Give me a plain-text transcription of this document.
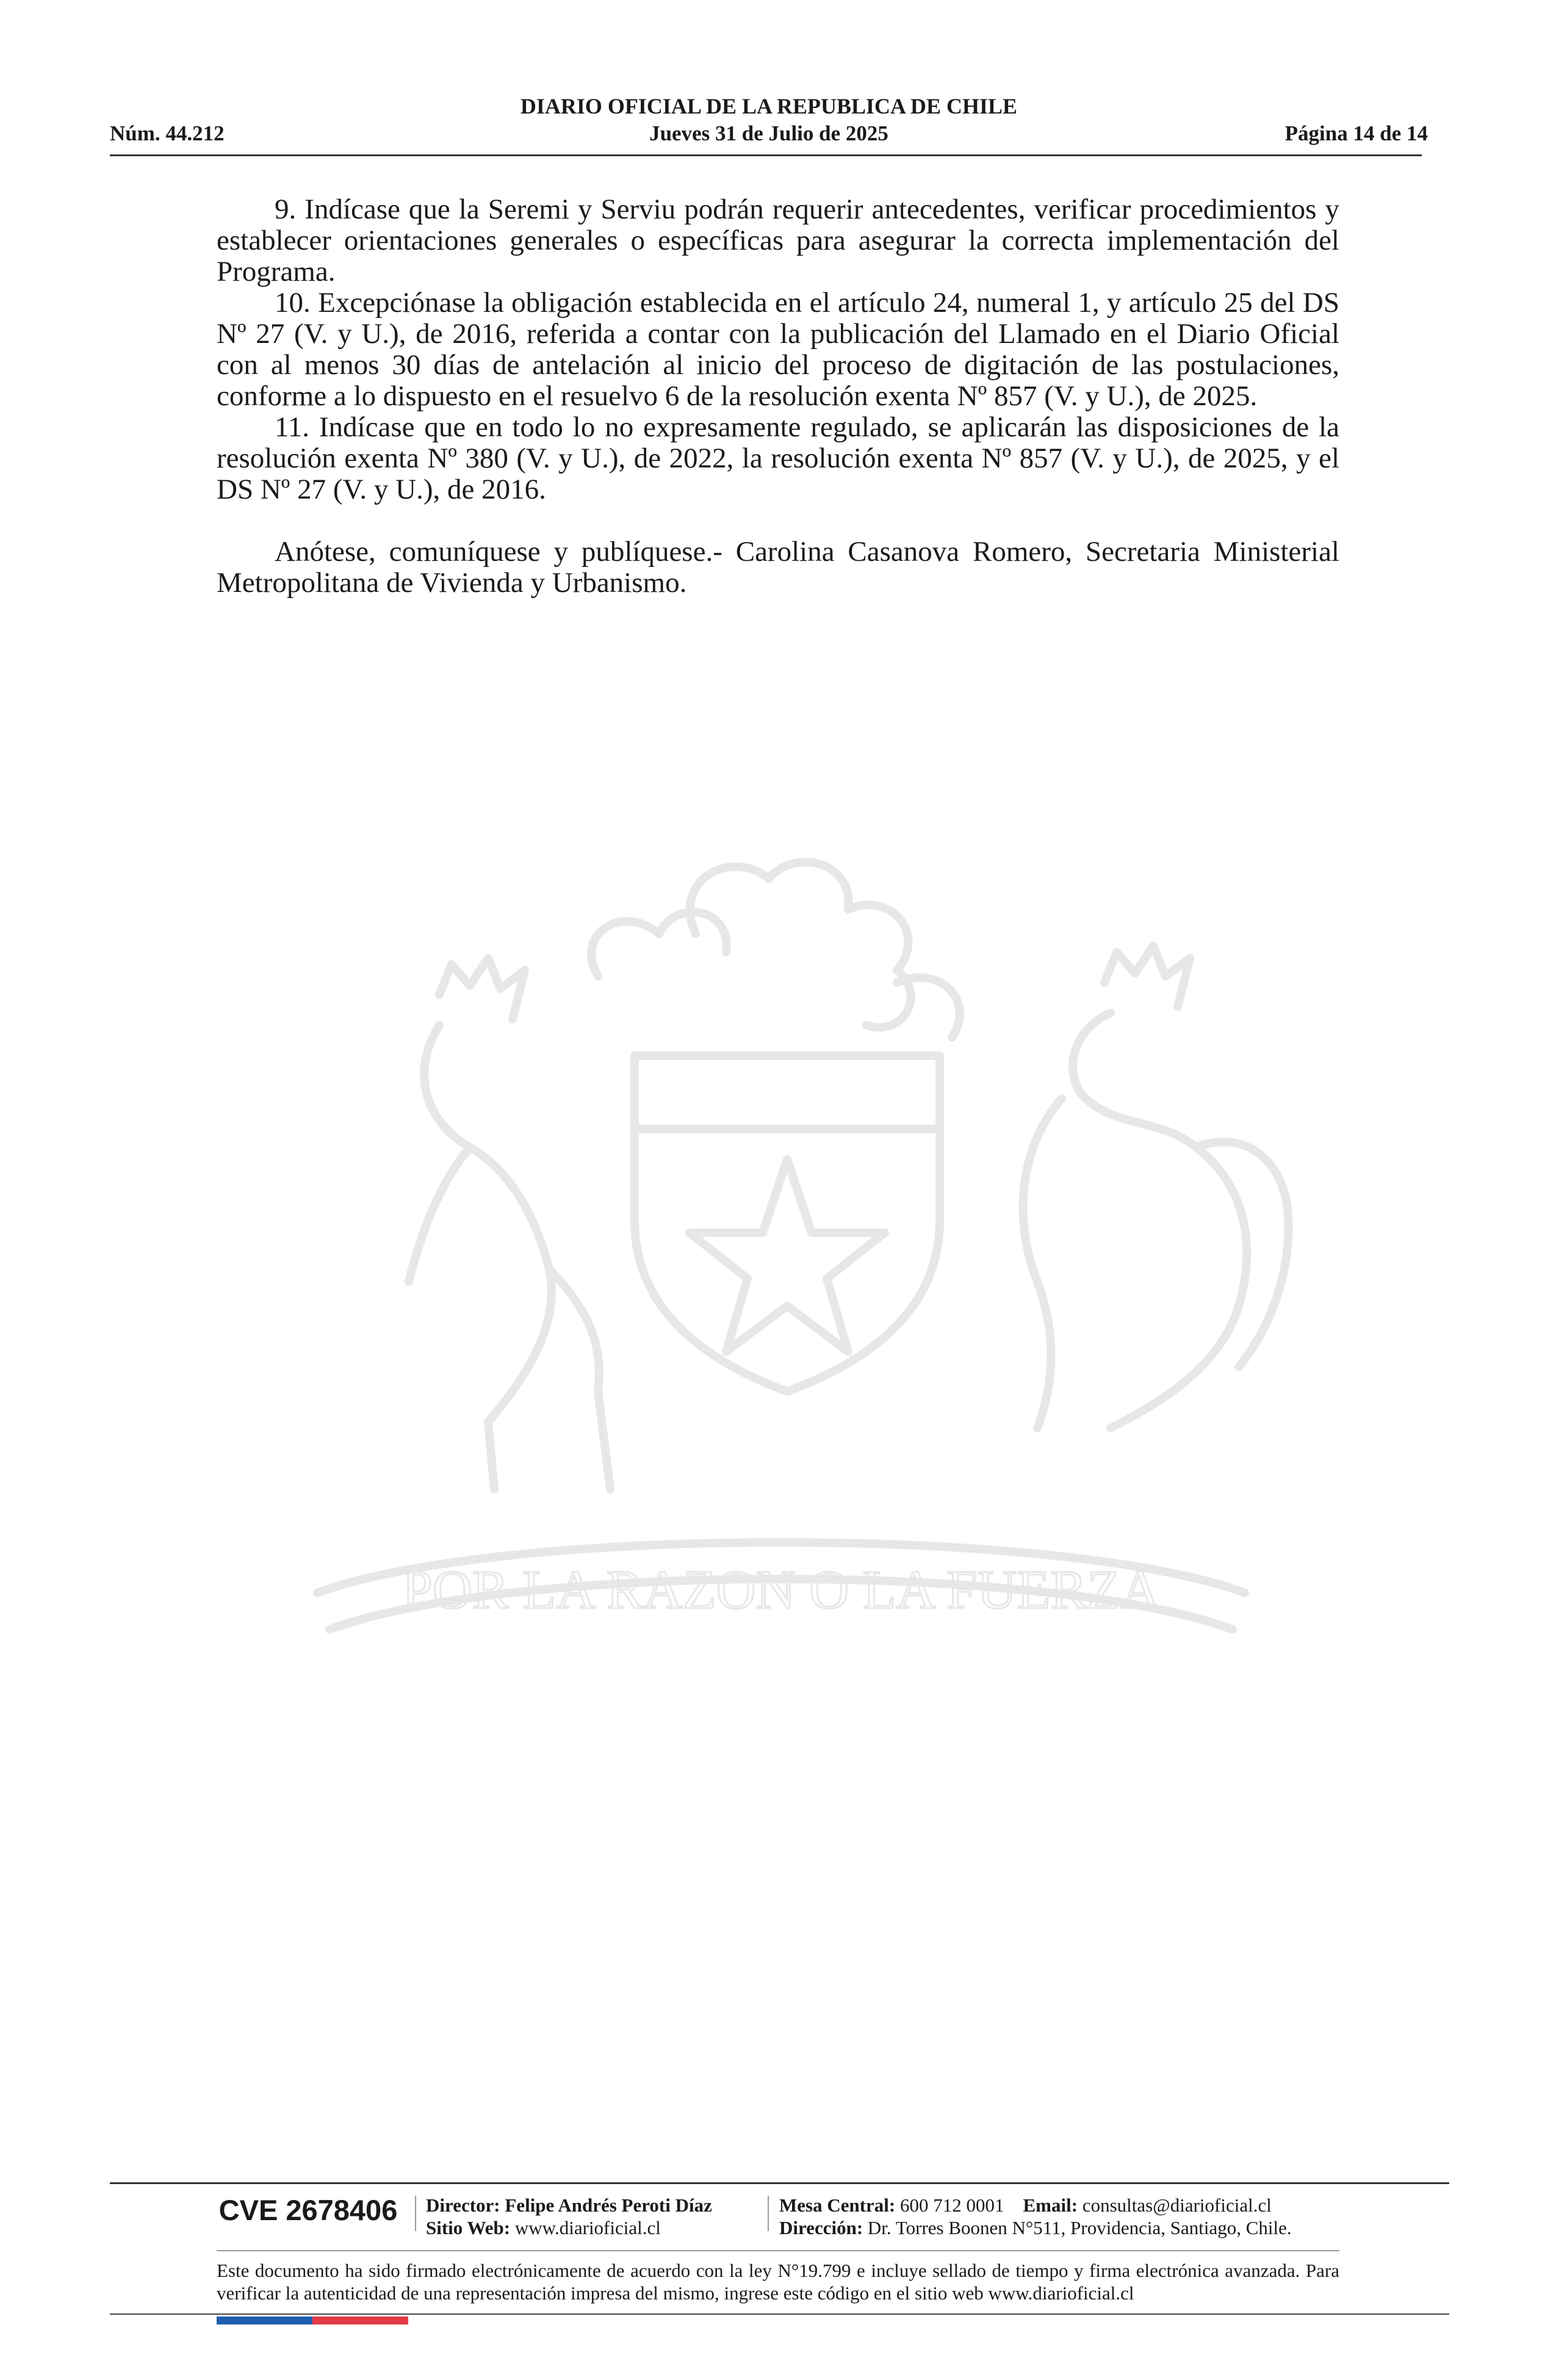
DIARIO OFICIAL DE LA REPUBLICA DE CHILE
Núm. 44.212	Jueves 31 de Julio de 2025	Página 14 de 14
POR LA RAZON O LA FUERZA

9. Indícase que la Seremi y Serviu podrán requerir antecedentes, verificar procedimientos y establecer orientaciones generales o específicas para asegurar la correcta implementación del Programa.

10. Excepciónase la obligación establecida en el artículo 24, numeral 1, y artículo 25 del DS Nº 27 (V. y U.), de 2016, referida a contar con la publicación del Llamado en el Diario Oficial con al menos 30 días de antelación al inicio del proceso de digitación de las postulaciones, conforme a lo dispuesto en el resuelvo 6 de la resolución exenta Nº 857 (V. y U.), de 2025.

11. Indícase que en todo lo no expresamente regulado, se aplicarán las disposiciones de la resolución exenta Nº 380 (V. y U.), de 2022, la resolución exenta Nº 857 (V. y U.), de 2025, y el DS Nº 27 (V. y U.), de 2016.

Anótese, comuníquese y publíquese.- Carolina Casanova Romero, Secretaria Ministerial Metropolitana de Vivienda y Urbanismo.

CVE 2678406	Director: Felipe Andrés Peroti Díaz
Sitio Web: www.diarioficial.cl
Mesa Central: 600 712 0001 Email: consultas@diarioficial.cl
Dirección: Dr. Torres Boonen N°511, Providencia, Santiago, Chile.
Este documento ha sido firmado electrónicamente de acuerdo con la ley N°19.799 e incluye sellado de tiempo y firma electrónica avanzada. Para verificar la autenticidad de una representación impresa del mismo, ingrese este código en el sitio web www.diarioficial.cl
